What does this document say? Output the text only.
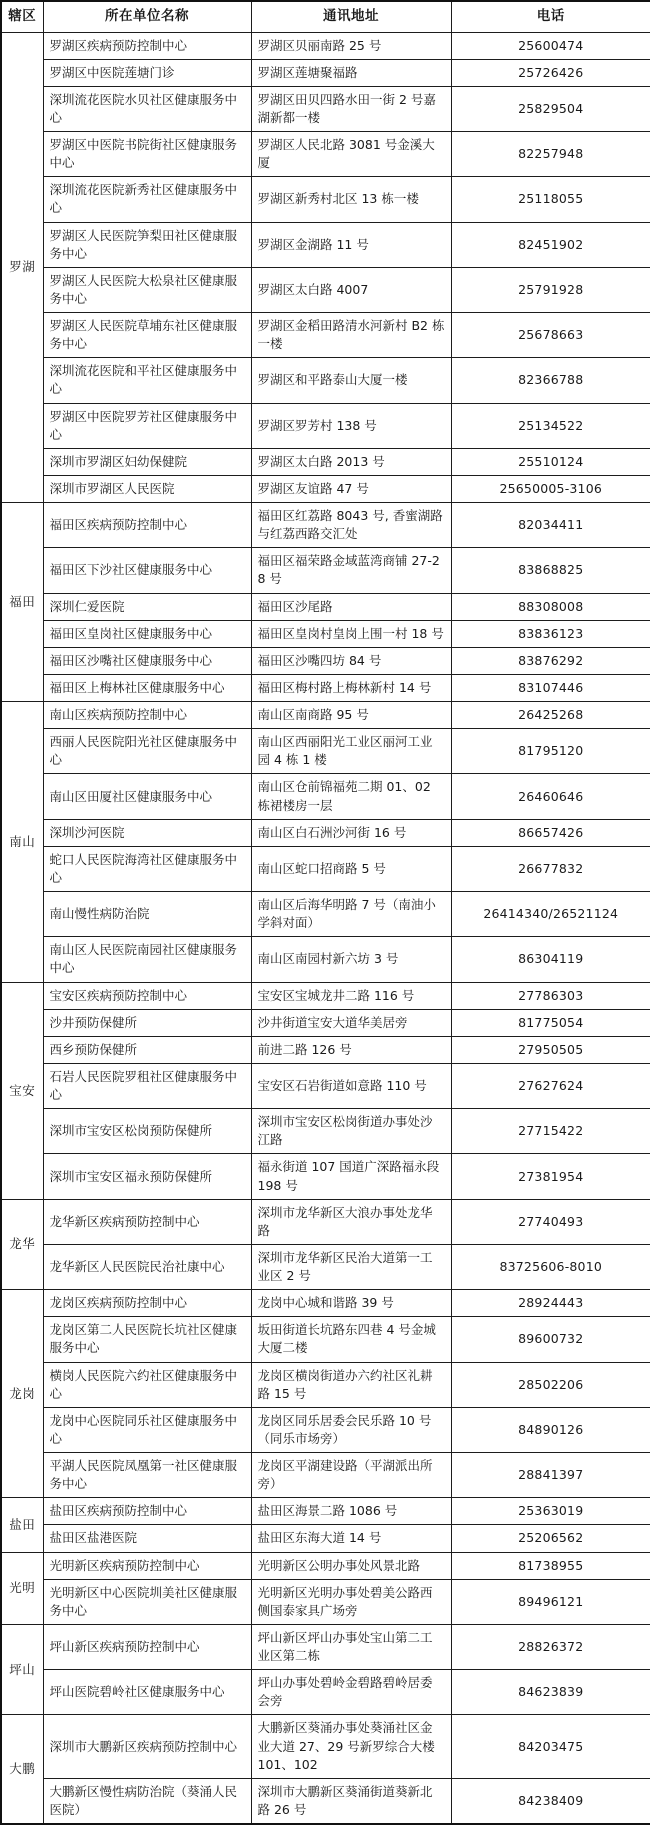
辖区	所在单位名称	通讯地址	电话
罗湖	罗湖区疾病预防控制中心	罗湖区贝丽南路 25 号	25600474
	罗湖区中医院莲塘门诊	罗湖区莲塘聚福路	25726426
	深圳流花医院水贝社区健康服务中心	罗湖区田贝四路水田一街 2 号嘉湖新都一楼	25829504
	罗湖区中医院书院街社区健康服务中心	罗湖区人民北路 3081 号金溪大厦	82257948
	深圳流花医院新秀社区健康服务中心	罗湖区新秀村北区 13 栋一楼	25118055
	罗湖区人民医院笋梨田社区健康服务中心	罗湖区金湖路 11 号	82451902
	罗湖区人民医院大松泉社区健康服务中心	罗湖区太白路 4007	25791928
	罗湖区人民医院草埔东社区健康服务中心	罗湖区金稻田路清水河新村 B2 栋一楼	25678663
	深圳流花医院和平社区健康服务中心	罗湖区和平路泰山大厦一楼	82366788
	罗湖区中医院罗芳社区健康服务中心	罗湖区罗芳村 138 号	25134522
	深圳市罗湖区妇幼保健院	罗湖区太白路 2013 号	25510124
	深圳市罗湖区人民医院	罗湖区友谊路 47 号	25650005-3106
福田	福田区疾病预防控制中心	福田区红荔路 8043 号, 香蜜湖路与红荔西路交汇处	82034411
	福田区下沙社区健康服务中心	福田区福荣路金域蓝湾商铺 27-28 号	83868825
	深圳仁爱医院	福田区沙尾路	88308008
	福田区皇岗社区健康服务中心	福田区皇岗村皇岗上围一村 18 号	83836123
	福田区沙嘴社区健康服务中心	福田区沙嘴四坊 84 号	83876292
	福田区上梅林社区健康服务中心	福田区梅村路上梅林新村 14 号	83107446
南山	南山区疾病预防控制中心	南山区南商路 95 号	26425268
	西丽人民医院阳光社区健康服务中心	南山区西丽阳光工业区丽河工业园 4 栋 1 楼	81795120
	南山区田厦社区健康服务中心	南山区仓前锦福苑二期 01、02 栋裙楼房一层	26460646
	深圳沙河医院	南山区白石洲沙河街 16 号	86657426
	蛇口人民医院海湾社区健康服务中心	南山区蛇口招商路 5 号	26677832
	南山慢性病防治院	南山区后海华明路 7 号（南油小学斜对面）	26414340/26521124
	南山区人民医院南园社区健康服务中心	南山区南园村新六坊 3 号	86304119
宝安	宝安区疾病预防控制中心	宝安区宝城龙井二路 116 号	27786303
	沙井预防保健所	沙井街道宝安大道华美居旁	81775054
	西乡预防保健所	前进二路 126 号	27950505
	石岩人民医院罗租社区健康服务中心	宝安区石岩街道如意路 110 号	27627624
	深圳市宝安区松岗预防保健所	深圳市宝安区松岗街道办事处沙江路	27715422
	深圳市宝安区福永预防保健所	福永街道 107 国道广深路福永段 198 号	27381954
龙华	龙华新区疾病预防控制中心	深圳市龙华新区大浪办事处龙华路	27740493
	龙华新区人民医院民治社康中心	深圳市龙华新区民治大道第一工业区 2 号	83725606-8010
龙岗	龙岗区疾病预防控制中心	龙岗中心城和谐路 39 号	28924443
	龙岗区第二人民医院长坑社区健康服务中心	坂田街道长坑路东四巷 4 号金城大厦二楼	89600732
	横岗人民医院六约社区健康服务中心	龙岗区横岗街道办六约社区礼耕路 15 号	28502206
	龙岗中心医院同乐社区健康服务中心	龙岗区同乐居委会民乐路 10 号（同乐市场旁）	84890126
	平湖人民医院凤凰第一社区健康服务中心	龙岗区平湖建设路（平湖派出所旁）	28841397
盐田	盐田区疾病预防控制中心	盐田区海景二路 1086 号	25363019
	盐田区盐港医院	盐田区东海大道 14 号	25206562
光明	光明新区疾病预防控制中心	光明新区公明办事处风景北路	81738955
	光明新区中心医院圳美社区健康服务中心	光明新区光明办事处碧美公路西侧国泰家具广场旁	89496121
坪山	坪山新区疾病预防控制中心	坪山新区坪山办事处宝山第二工业区第二栋	28826372
	坪山医院碧岭社区健康服务中心	坪山办事处碧岭金碧路碧岭居委会旁	84623839
大鹏	深圳市大鹏新区疾病预防控制中心	大鹏新区葵涌办事处葵涌社区金业大道 27、29 号新罗综合大楼 101、102	84203475
	大鹏新区慢性病防治院（葵涌人民医院）	深圳市大鹏新区葵涌街道葵新北路 26 号	84238409
